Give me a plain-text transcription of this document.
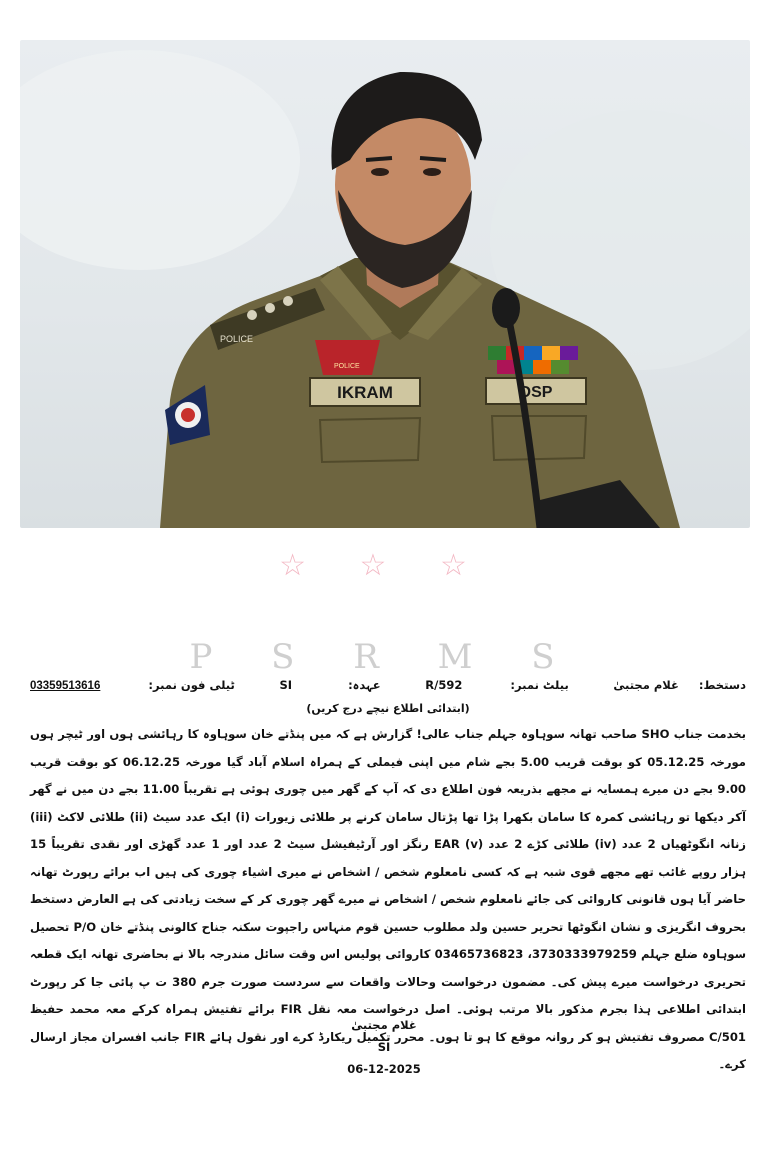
POLICE
POLICE
IKRAM	DSP
☆ ☆ ☆
P S R M S
دستخط:     غلام مجتبیٰ
بیلٹ نمبر:            592/R
عہدہ:              SI
ٹیلی فون نمبر:            03359513616
(ابتدائی اطلاع نیچے درج کریں)
بخدمت جناب SHO صاحب تھانہ سوہاوہ جہلم جناب عالی! گزارش ہے کہ میں پنڈتے خان سوہاوہ کا رہائشی ہوں اور ٹیچر ہوں مورخہ 05.12.25 کو بوقت قریب 5.00 بجے شام میں اپنی فیملی کے ہمراہ اسلام آباد گیا مورخہ 06.12.25 کو بوقت قریب 9.00 بجے دن میرے ہمسایہ نے مجھے بذریعہ فون اطلاع دی کہ آپ کے گھر میں چوری ہوئی ہے تقریباً 11.00 بجے دن میں نے گھر آکر دیکھا تو رہائشی کمرہ کا سامان بکھرا پڑا تھا پڑتال سامان کرنے پر طلائی زیورات (i) ایک عدد سیٹ (ii) طلائی لاکٹ (iii) زنانہ انگوٹھیاں 2 عدد (iv) طلائی کڑے 2 عدد (v) EAR رنگز اور آرٹیفیشل سیٹ 2 عدد اور 1 عدد گھڑی اور نقدی تقریباً 15 ہزار روپے غائب تھے مجھے قوی شبہ ہے کہ کسی نامعلوم شخص / اشخاص نے میری اشیاء چوری کی ہیں اب برائے رپورٹ تھانہ حاضر آیا ہوں قانونی کاروائی کی جائے نامعلوم شخص / اشخاص نے میرے گھر چوری کر کے سخت زیادتی کی ہے العارض دستخط بحروف انگریزی و نشان انگوٹھا تحریر حسین ولد مطلوب حسین قوم منہاس راجپوت سکنہ جناح کالونی پنڈتے خان P/O تحصیل سوہاوہ ضلع جہلم 3730333979259، 03465736823 کاروائی پولیس اس وقت سائل مندرجہ بالا نے بحاضری تھانہ ایک قطعہ تحریری درخواست میرے پیش کی۔ مضمون درخواست وحالات واقعات سے سردست صورت جرم 380 ت پ پائی جا کر رپورٹ ابتدائی اطلاعی ہذا بجرم مذکور بالا مرتب ہوئی۔ اصل درخواست معہ نقل FIR برائے تفتیش ہمراہ کرکے معہ محمد حفیظ 501/C مصروف تفتیش ہو کر روانہ موقع کا ہو تا ہوں۔ محرر تکمیل ریکارڈ کرے اور نقول ہائے FIR جانب افسران مجاز ارسال کرے۔
غلام مجتبیٰ
SI
06-12-2025
